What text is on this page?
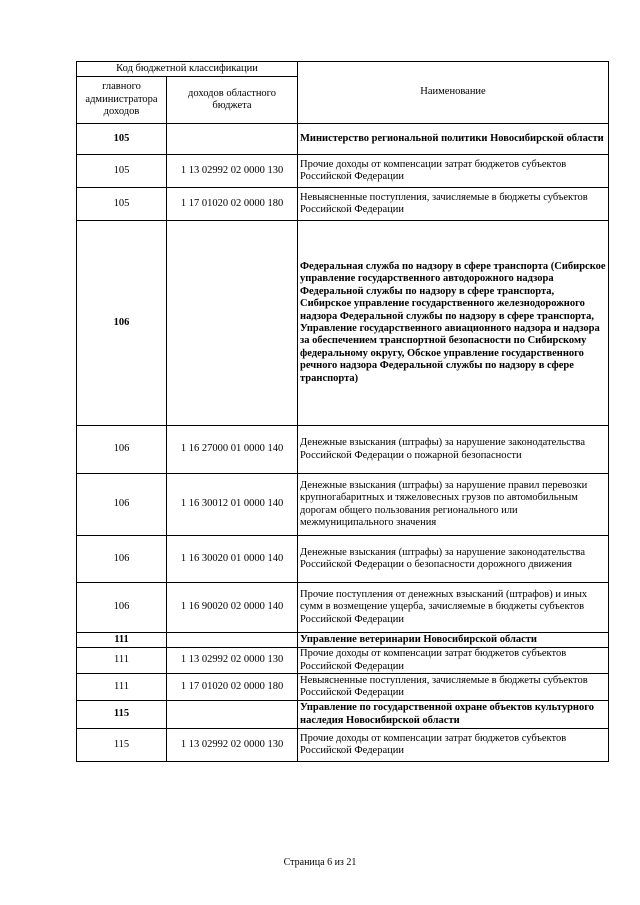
Код бюджетной классификации		Наименование
главного администратора доходов	доходов областного бюджета	
105		Министерство региональной политики Новосибирской области
105	1 13 02992 02 0000 130	Прочие доходы от компенсации затрат бюджетов субъектов Российской Федерации
105	1 17 01020 02 0000 180	Невыясненные поступления, зачисляемые в бюджеты субъектов Российской Федерации
106		Федеральная служба по надзору в сфере транспорта (Сибирское управление государственного автодорожного надзора Федеральной службы по надзору в сфере транспорта, Сибирское управление государственного железнодорожного надзора Федеральной службы по надзору в сфере транспорта, Управление государственного авиационного надзора и надзора за обеспечением транспортной безопасности по Сибирскому федеральному округу, Обское управление государственного речного надзора Федеральной службы по надзору в сфере транспорта)
106	1 16 27000 01 0000 140	Денежные взыскания (штрафы) за нарушение законодательства Российской Федерации о пожарной безопасности
106	1 16 30012 01 0000 140	Денежные взыскания (штрафы) за нарушение правил перевозки крупногабаритных и тяжеловесных грузов по автомобильным дорогам общего пользования регионального или межмуниципального значения
106	1 16 30020 01 0000 140	Денежные взыскания (штрафы) за нарушение законодательства Российской Федерации о безопасности дорожного движения
106	1 16 90020 02 0000 140	Прочие поступления от денежных взысканий (штрафов) и иных сумм в возмещение ущерба, зачисляемые в бюджеты субъектов Российской Федерации
111		Управление ветеринарии Новосибирской области
111	1 13 02992 02 0000 130	Прочие доходы от компенсации затрат бюджетов субъектов Российской Федерации
111	1 17 01020 02 0000 180	Невыясненные поступления, зачисляемые в бюджеты субъектов Российской Федерации
115		Управление по государственной охране объектов культурного наследия Новосибирской области
115	1 13 02992 02 0000 130	Прочие доходы от компенсации затрат бюджетов субъектов Российской Федерации
Страница 6 из 21
